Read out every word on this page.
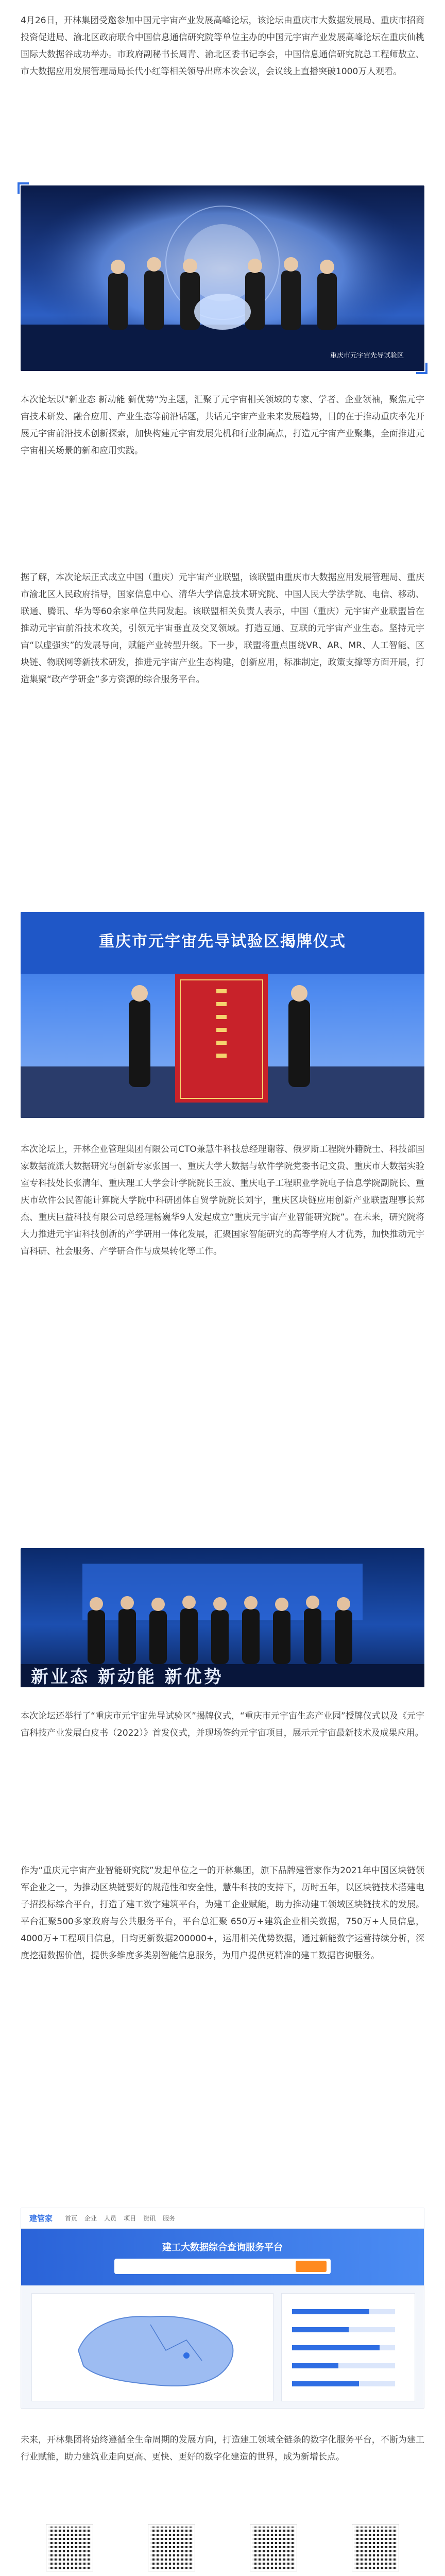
4月26日，开林集团受邀参加中国元宇宙产业发展高峰论坛，该论坛由重庆市大数据发展局、重庆市招商投资促进局、渝北区政府联合中国信息通信研究院等单位主办的中国元宇宙产业发展高峰论坛在重庆仙桃国际大数据谷成功举办。市政府副秘书长周青、渝北区委书记李会，中国信息通信研究院总工程师敖立、市大数据应用发展管理局局长代小红等相关领导出席本次会议，会议线上直播突破1000万人观看。
重庆市元宇宙先导试验区
本次论坛以"新业态 新动能 新优势"为主题，汇聚了元宇宙相关领域的专家、学者、企业领袖，聚焦元宇宙技术研发、融合应用、产业生态等前沿话题，共话元宇宙产业未来发展趋势，目的在于推动重庆率先开展元宇宙前沿技术创新探索，加快构建元宇宙发展先机和行业制高点，打造元宇宙产业聚集，全面推进元宇宙相关场景的新和应用实践。
据了解，本次论坛正式成立中国（重庆）元宇宙产业联盟，该联盟由重庆市大数据应用发展管理局、重庆市渝北区人民政府指导，国家信息中心、清华大学信息技术研究院、中国人民大学法学院、电信、移动、联通、腾讯、华为等60余家单位共同发起。该联盟相关负责人表示，中国（重庆）元宇宙产业联盟旨在推动元宇宙前沿技术攻关，引领元宇宙垂直及交叉领域。打造互通、互联的元宇宙产业生态。坚持元宇宙“以虚强实”的发展导向，赋能产业转型升级。下一步，联盟将重点围绕VR、AR、MR、人工智能、区块链、物联网等新技术研发，推进元宇宙产业生态构建，创新应用，标准制定，政策支撑等方面开展，打造集聚“政产学研金”多方资源的综合服务平台。
重庆市元宇宙先导试验区揭牌仪式
本次论坛上，开林企业管理集团有限公司CTO兼慧牛科技总经理谢蓉、俄罗斯工程院外籍院士、科技部国家数据流派大数据研究与创新专家张国一、重庆大学大数据与软件学院党委书记文贵、重庆市大数据实验室专科技处长张清年、重庆理工大学会计学院院长王波、重庆电子工程职业学院电子信息学院副院长、重庆市软件公民智能计算院大学院中科研团体自贸学院院长刘宇，重庆区块链应用创新产业联盟理事长郑杰、重庆巨益科技有限公司总经理杨巍华9人发起成立“重庆元宇宙产业智能研究院”。在未来，研究院将大力推进元宇宙科技创新的产学研用一体化发展，汇聚国家智能研究的高等学府人才优秀，加快推动元宇宙科研、社会服务、产学研合作与成果转化等工作。
新业态 新动能 新优势
本次论坛还举行了“重庆市元宇宙先导试验区”揭牌仪式，“重庆市元宇宙生态产业园”授牌仪式以及《元宇宙科技产业发展白皮书（2022）》首发仪式，并现场签约元宇宙项目，展示元宇宙最新技术及成果应用。
作为“重庆元宇宙产业智能研究院”发起单位之一的开林集团，旗下品牌建管家作为2021年中国区块链领军企业之一，为推动区块链要好的规范性和安全性，慧牛科技的支持下，历时五年，以区块链技术搭建电子招投标综合平台，打造了建工数字建筑平台，为建工企业赋能，助力推动建工领域区块链技术的发展。平台汇聚500多家政府与公共服务平台，平台总汇聚 650万+建筑企业相关数据，750万+人员信息，4000万+工程项目信息，日均更新数据200000+，运用相关优势数据，通过新能数字运营持续分析，深度挖掘数据价值，提供多维度多类别智能信息服务，为用户提供更精准的建工数据咨询服务。
建管家 首页 企业 人员 项目 资讯 服务
建工大数据综合查询服务平台
未来，开林集团将始终遵循全生命周期的发展方向，打造建工领域全链条的数字化服务平台，不断为建工行业赋能，助力建筑业走向更高、更快、更好的数字化建造的世界，成为新增长点。
